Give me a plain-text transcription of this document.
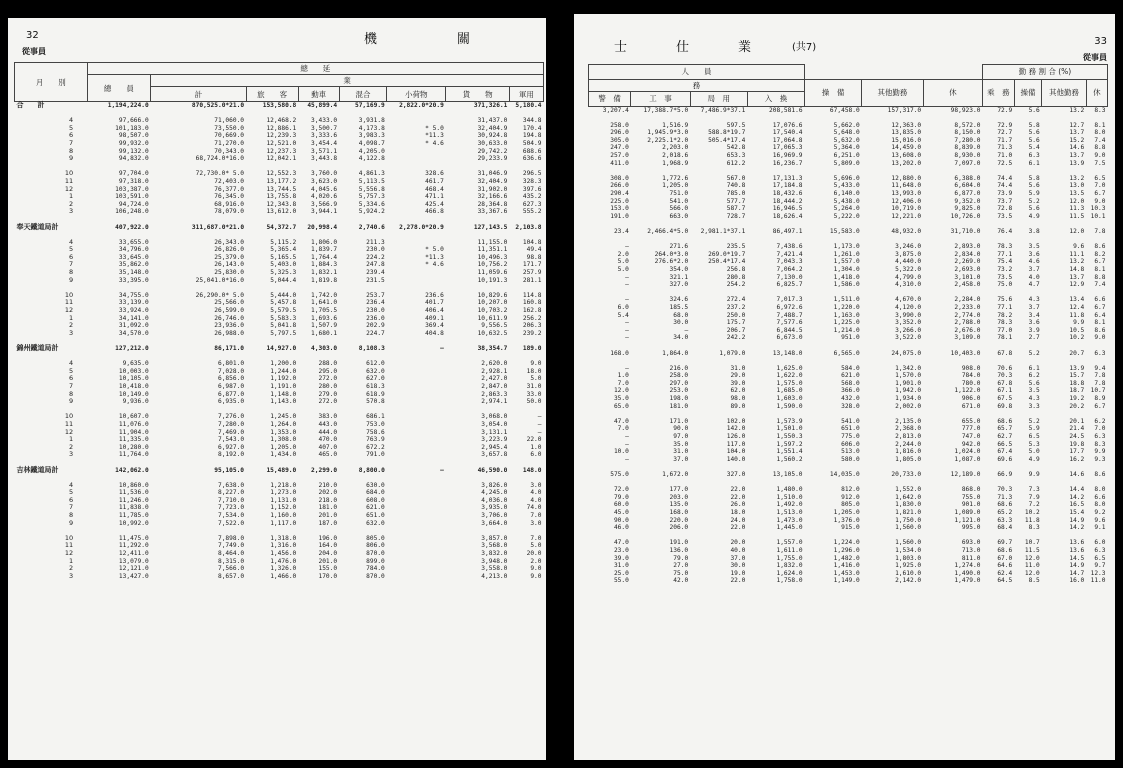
32
從事員
機　　關
月　　別	總　　延							
	總　　員	業						
		計	旅　　客	動車	混合	小荷物	貨　　物	軍用
合　　計	1,194,224.0	870,525.0*21.0	153,580.8	45,899.4	57,169.9	2,822.0*20.9	371,326.1	5,180.4

4	97,666.0	71,060.0	12,468.2	3,433.0	3,931.8		31,437.0	344.8
5	101,183.0	73,550.0	12,886.1	3,500.7	4,173.8	* 5.0	32,404.9	170.4
6	98,507.0	70,669.0	12,239.3	3,333.6	3,983.3	*11.3	30,924.8	194.8
7	99,932.0	71,270.0	12,521.0	3,454.4	4,098.7	* 4.6	30,633.0	504.9
8	99,132.0	70,343.0	12,237.3	3,571.1	4,205.0		29,742.2	688.6
9	94,832.0	68,724.0*16.0	12,042.1	3,443.8	4,122.8		29,233.9	636.6

10	97,704.0	72,730.0* 5.0	12,552.3	3,760.0	4,861.3	328.6	31,046.9	296.5
11	97,318.0	72,403.0	13,177.2	3,623.0	5,113.5	461.7	32,404.9	328.3
12	103,387.0	76,377.0	13,744.5	4,045.6	5,556.8	468.4	31,902.0	397.6
1	103,591.0	76,345.0	13,755.8	4,020.6	5,757.3	471.1	32,166.6	435.2
2	94,724.0	68,916.0	12,343.8	3,566.9	5,334.6	425.4	28,364.8	627.3
3	106,248.0	78,079.0	13,612.0	3,944.1	5,924.2	466.8	33,367.6	555.2

奉天鐵道局計	407,922.0	311,687.0*21.0	54,372.7	20,998.4	2,740.6	2,278.0*20.9	127,143.5	2,103.8

4	33,655.0	26,343.0	5,115.2	1,806.0	211.3		11,155.0	104.8
5	34,796.0	26,826.0	5,365.4	1,839.7	230.0	* 5.0	11,351.1	49.4
6	33,645.0	25,379.0	5,165.5	1,764.4	224.2	*11.3	10,496.3	98.8
7	35,862.0	26,143.0	5,403.0	1,884.3	247.8	* 4.6	10,756.2	171.7
8	35,148.0	25,830.0	5,325.3	1,832.1	239.4		11,059.6	257.9
9	33,395.0	25,041.0*16.0	5,044.4	1,819.8	231.5		10,191.3	281.1

10	34,755.0	26,290.0* 5.0	5,444.0	1,742.0	253.7	236.6	10,829.6	114.8
11	33,139.0	25,566.0	5,457.8	1,641.0	236.4	401.7	10,207.0	160.8
12	33,924.0	26,599.0	5,579.5	1,705.5	230.0	406.4	10,703.2	162.8
1	34,141.0	26,746.0	5,583.3	1,693.6	236.0	409.1	10,611.9	256.2
2	31,092.0	23,936.0	5,041.8	1,507.9	202.9	369.4	9,556.5	206.3
3	34,570.0	26,988.0	5,797.5	1,680.1	224.7	404.8	10,632.5	239.2

錦州鐵道局計	127,212.0	86,171.0	14,927.0	4,303.0	8,108.3	—	38,354.7	189.0

4	9,635.0	6,801.0	1,200.0	288.0	612.0		2,620.0	9.0
5	10,003.0	7,028.0	1,244.0	295.0	632.0		2,928.1	18.0
6	10,105.0	6,856.0	1,192.0	272.0	627.0		2,427.0	5.0
7	10,418.0	6,987.0	1,191.0	280.0	618.3		2,847.0	31.0
8	10,149.0	6,877.0	1,148.0	279.0	618.9		2,863.3	33.0
9	9,936.0	6,935.0	1,143.0	272.0	570.8		2,974.1	50.0

10	10,607.0	7,276.0	1,245.0	383.0	686.1		3,068.0	—
11	11,076.0	7,280.0	1,264.0	443.0	753.0		3,054.0	—
12	11,904.0	7,469.0	1,353.0	444.0	758.6		3,131.1	—
1	11,335.0	7,543.0	1,308.0	470.0	763.9		3,223.9	22.0
2	10,280.0	6,927.0	1,205.0	407.0	672.2		2,945.4	1.0
3	11,764.0	8,192.0	1,434.0	465.0	791.0		3,657.8	6.0

吉林鐵道局計	142,062.0	95,105.0	15,489.0	2,299.0	8,800.0	—	46,590.0	148.0

4	10,860.0	7,638.0	1,218.0	210.0	630.0		3,826.0	3.0
5	11,536.0	8,227.0	1,273.0	202.0	684.0		4,245.0	4.0
6	11,246.0	7,710.0	1,131.0	218.0	608.0		4,036.0	4.0
7	11,838.0	7,723.0	1,152.0	181.0	621.0		3,935.0	74.0
8	11,785.0	7,534.0	1,160.0	201.0	651.0		3,706.0	7.0
9	10,992.0	7,522.0	1,117.0	187.0	632.0		3,664.0	3.0

10	11,475.0	7,898.0	1,318.0	196.0	805.0		3,857.0	7.0
11	11,292.0	7,749.0	1,316.0	164.0	806.0		3,568.0	5.0
12	12,411.0	8,464.0	1,456.0	204.0	870.0		3,832.0	20.0
1	13,079.0	8,315.0	1,476.0	201.0	899.0		3,948.0	2.0
2	12,121.0	7,566.0	1,326.0	155.0	784.0		3,558.0	9.0
3	13,427.0	8,657.0	1,466.0	170.0	870.0		4,213.0	9.0
33
從事員
士　仕　業 (共7)
人　　員							勤 務 割 合 (%)			
務				操　備	其他勤務	休	乘　務	操備	其他勤務	休
警　備	工　事	局　用	入　換							
3,207.4	17,388.7*5.0	7,486.9*37.1	208,581.6	67,458.0	157,317.0	98,923.0	72.9	5.6	13.2	8.3

258.0	1,516.9	597.5	17,076.6	5,662.0	12,363.0	8,572.0	72.9	5.8	12.7	8.1
296.0	1,945.9*3.0	588.8*19.7	17,540.4	5,648.0	13,835.0	8,150.0	72.7	5.6	13.7	8.0
305.0	2,225.1*2.0	505.4*17.4	17,064.8	5,632.0	15,016.0	7,280.0	71.7	5.6	15.2	7.4
247.0	2,203.0	542.8	17,065.3	5,364.0	14,459.0	8,839.0	71.3	5.4	14.6	8.8
257.0	2,018.6	653.3	16,969.9	6,251.0	13,608.0	8,930.0	71.0	6.3	13.7	9.0
411.0	1,968.9	612.2	16,236.7	5,809.0	13,202.0	7,097.0	72.5	6.1	13.9	7.5

308.0	1,772.6	567.0	17,131.3	5,696.0	12,880.0	6,388.0	74.4	5.8	13.2	6.5
266.0	1,205.0	740.8	17,184.8	5,433.0	11,648.0	6,604.0	74.4	5.6	13.0	7.0
290.4	751.0	785.0	18,432.6	6,140.0	13,993.0	6,877.0	73.9	5.9	13.5	6.7
225.0	541.0	577.7	18,444.2	5,438.0	12,406.0	9,352.0	73.7	5.2	12.0	9.0
153.0	566.0	587.7	16,946.5	5,264.0	10,719.0	9,825.0	72.8	5.6	11.3	10.3
191.0	663.0	728.7	18,626.4	5,222.0	12,221.0	10,726.0	73.5	4.9	11.5	10.1

23.4	2,466.4*5.0	2,981.1*37.1	86,497.1	15,583.0	48,932.0	31,710.0	76.4	3.8	12.0	7.8

—	271.6	235.5	7,438.6	1,173.0	3,246.0	2,893.0	78.3	3.5	9.6	8.6
2.0	264.0*3.0	269.0*19.7	7,421.4	1,261.0	3,875.0	2,834.0	77.1	3.6	11.1	8.2
5.0	276.6*2.0	250.4*17.4	7,043.3	1,557.0	4,440.0	2,269.0	75.4	4.6	13.2	6.7
5.0	354.0	256.8	7,064.2	1,304.0	5,322.0	2,693.0	73.2	3.7	14.8	8.1
—	321.1	280.8	7,130.0	1,418.0	4,799.0	3,101.0	73.5	4.0	13.7	8.8
—	327.0	254.2	6,825.7	1,586.0	4,310.0	2,458.0	75.0	4.7	12.9	7.4

—	324.6	272.4	7,017.3	1,511.0	4,670.0	2,284.0	75.6	4.3	13.4	6.6
6.0	185.5	237.2	6,972.6	1,220.0	4,120.0	2,233.0	77.1	3.7	12.4	6.7
5.4	68.0	250.0	7,488.7	1,163.0	3,990.0	2,774.0	78.2	3.4	11.8	6.4
—	30.0	175.7	7,577.6	1,225.0	3,352.0	2,788.0	78.3	3.6	9.9	8.1
—	—	206.7	6,844.5	1,214.0	3,266.0	2,676.0	77.0	3.9	10.5	8.6
—	34.0	242.2	6,673.0	951.0	3,522.0	3,109.0	78.1	2.7	10.2	9.0

168.0	1,864.0	1,079.0	13,148.0	6,565.0	24,075.0	10,403.0	67.8	5.2	20.7	6.3

—	216.0	31.0	1,625.0	584.0	1,342.0	908.0	70.6	6.1	13.9	9.4
1.0	258.0	29.0	1,622.0	621.0	1,570.0	784.0	70.3	6.2	15.7	7.8
7.0	297.0	39.0	1,575.0	568.0	1,901.0	780.0	67.8	5.6	18.8	7.8
12.0	253.0	62.0	1,685.0	366.0	1,942.0	1,122.0	67.1	3.5	18.7	10.7
35.0	198.0	98.0	1,603.0	432.0	1,934.0	906.0	67.5	4.3	19.2	8.9
65.0	181.0	89.0	1,590.0	328.0	2,002.0	671.0	69.8	3.3	20.2	6.7

47.0	171.0	102.0	1,573.9	541.0	2,135.0	655.0	68.6	5.2	20.1	6.2
7.0	90.0	142.0	1,501.0	651.0	2,368.0	777.0	65.7	5.9	21.4	7.0
—	97.0	126.0	1,550.3	775.0	2,813.0	747.0	62.7	6.5	24.5	6.3
—	35.0	117.0	1,597.2	606.0	2,244.0	942.0	66.5	5.3	19.8	8.3
10.0	31.0	104.0	1,551.4	513.0	1,816.0	1,024.0	67.4	5.0	17.7	9.9
—	37.0	140.0	1,560.2	580.0	1,805.0	1,087.0	69.6	4.9	16.2	9.3

575.0	1,672.0	327.0	13,105.0	14,035.0	20,733.0	12,189.0	66.9	9.9	14.6	8.6

72.0	177.0	22.0	1,480.0	812.0	1,552.0	868.0	70.3	7.3	14.4	8.0
79.0	203.0	22.0	1,510.0	912.0	1,642.0	755.0	71.3	7.9	14.2	6.6
60.0	135.0	26.0	1,492.0	805.0	1,830.0	901.0	68.6	7.2	16.5	8.0
45.0	168.0	18.0	1,513.0	1,205.0	1,821.0	1,089.0	65.2	10.2	15.4	9.2
90.0	220.0	24.0	1,473.0	1,376.0	1,750.0	1,121.0	63.3	11.8	14.9	9.6
46.0	206.0	22.0	1,445.0	915.0	1,560.0	995.0	68.4	8.3	14.2	9.1

47.0	191.0	20.0	1,557.0	1,224.0	1,560.0	693.0	69.7	10.7	13.6	6.0
23.0	136.0	40.0	1,611.0	1,296.0	1,534.0	713.0	68.6	11.5	13.6	6.3
39.0	79.0	37.0	1,755.0	1,482.0	1,803.0	811.0	67.0	12.0	14.5	6.5
31.0	27.0	30.0	1,832.0	1,416.0	1,925.0	1,274.0	64.6	11.0	14.9	9.7
25.0	75.0	19.0	1,624.0	1,453.0	1,610.0	1,490.0	62.4	12.0	14.7	12.3
55.0	42.0	22.0	1,758.0	1,149.0	2,142.0	1,479.0	64.5	8.5	16.0	11.0
